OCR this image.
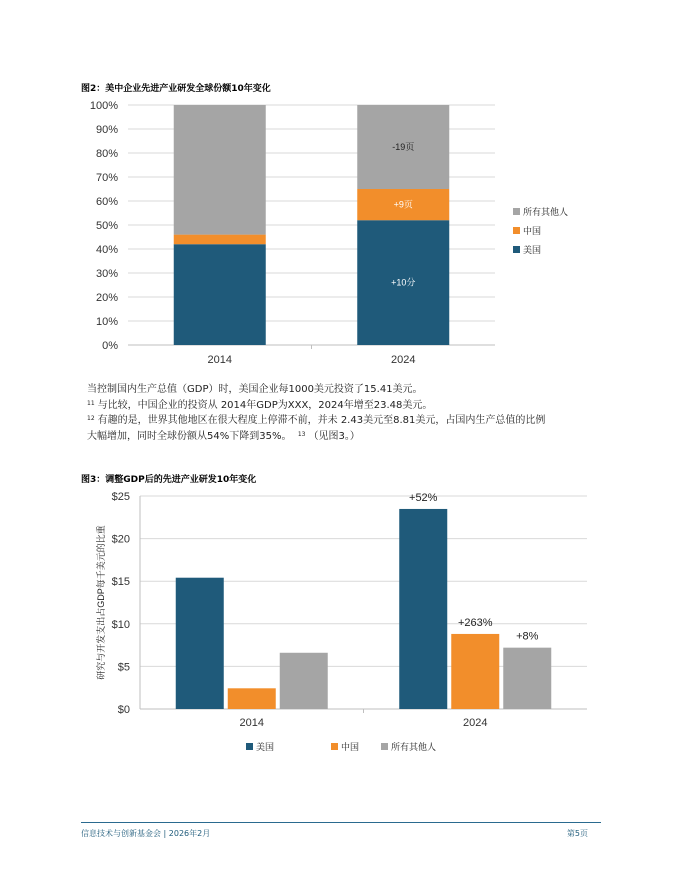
图2：美中企业先进产业研发全球份额10年变化
0%
10%
20%
30%
40%
50%
60%
70%
80%
90%
100%
2014
+10分
+9页
-19页
2024
所有其他人
中国
美国
$0
$5
$10
$15
$20
$25
研究与开发支出占GDP每千美元的比重
2014
+52%
+263%
+8%
2024
美国	中国	所有其他人
当控制国内生产总值（GDP）时，美国企业每1000美元投资了15.41美元。
$^{11}$ 与比较，中国企业的投资从 2014年GDP为XXX，2024年增至23.48美元。
$^{12}$ 有趣的是，世界其他地区在很大程度上停滞不前，并未 2.43美元至8.81美元，占国内生产总值的比例
大幅增加，同时全球份额从54%下降到35%。 $^{13}$ （见图3。）
图3：调整GDP后的先进产业研发10年变化
信息技术与创新基金会 | 2026年2月	第5页
